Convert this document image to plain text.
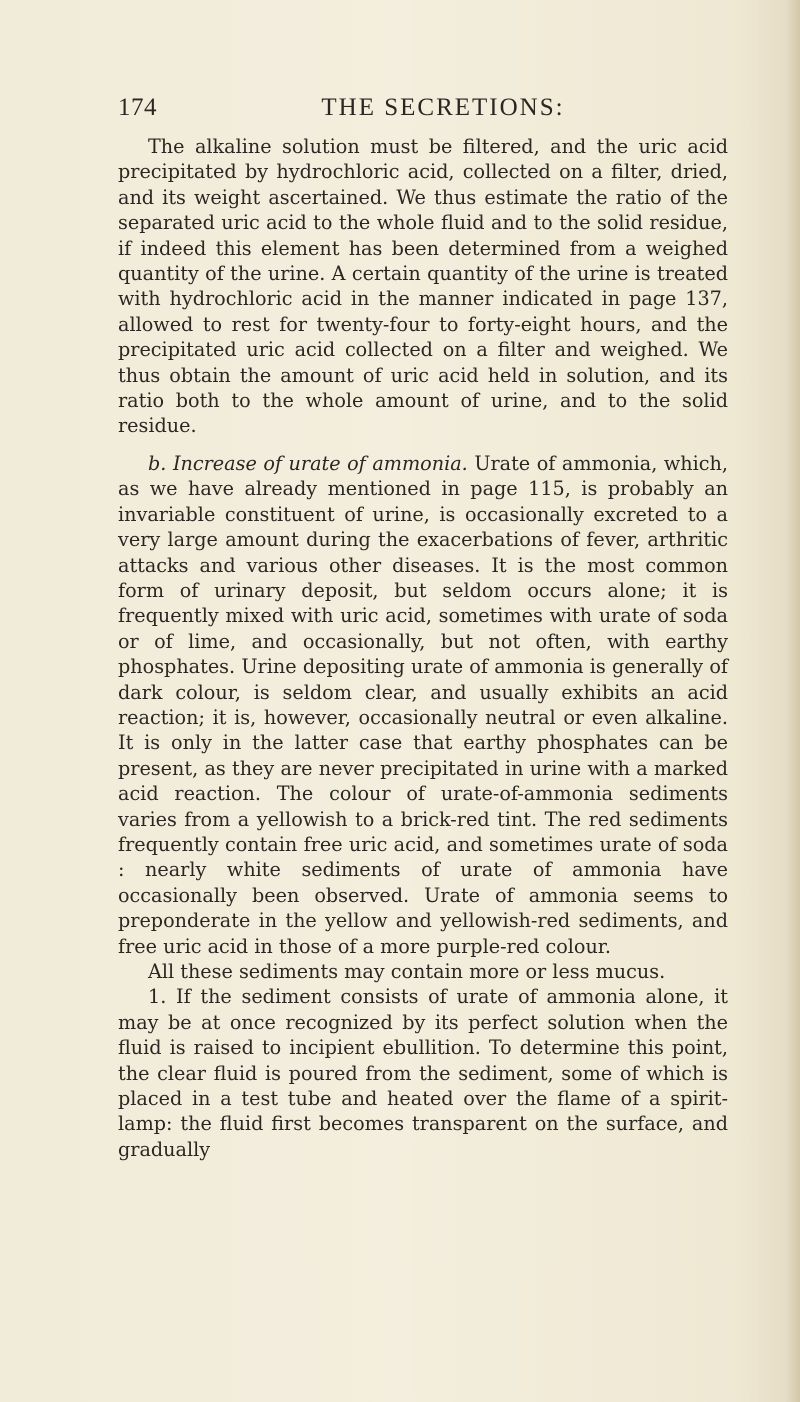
174	THE SECRETIONS:

The alkaline solution must be filtered, and the uric acid precipitated by hydrochloric acid, collected on a filter, dried, and its weight ascertained. We thus estimate the ratio of the separated uric acid to the whole fluid and to the solid residue, if indeed this element has been determined from a weighed quantity of the urine. A certain quantity of the urine is treated with hydrochloric acid in the manner indicated in page 137, allowed to rest for twenty-four to forty-eight hours, and the precipitated uric acid collected on a filter and weighed. We thus obtain the amount of uric acid held in solution, and its ratio both to the whole amount of urine, and to the solid residue.

b. Increase of urate of ammonia. Urate of ammonia, which, as we have already mentioned in page 115, is probably an invariable constituent of urine, is occasionally excreted to a very large amount during the exacerbations of fever, arthritic attacks and various other diseases. It is the most common form of urinary deposit, but seldom occurs alone; it is frequently mixed with uric acid, sometimes with urate of soda or of lime, and occasionally, but not often, with earthy phosphates. Urine depositing urate of ammonia is generally of dark colour, is seldom clear, and usually exhibits an acid reaction; it is, however, occasionally neutral or even alkaline. It is only in the latter case that earthy phosphates can be present, as they are never precipitated in urine with a marked acid reaction. The colour of urate-of-ammonia sediments varies from a yellowish to a brick-red tint. The red sediments frequently contain free uric acid, and sometimes urate of soda : nearly white sediments of urate of ammonia have occasionally been observed. Urate of ammonia seems to preponderate in the yellow and yellowish-red sediments, and free uric acid in those of a more purple-red colour.

All these sediments may contain more or less mucus.

1. If the sediment consists of urate of ammonia alone, it may be at once recognized by its perfect solution when the fluid is raised to incipient ebullition. To determine this point, the clear fluid is poured from the sediment, some of which is placed in a test tube and heated over the flame of a spirit-lamp: the fluid first becomes transparent on the surface, and gradually
